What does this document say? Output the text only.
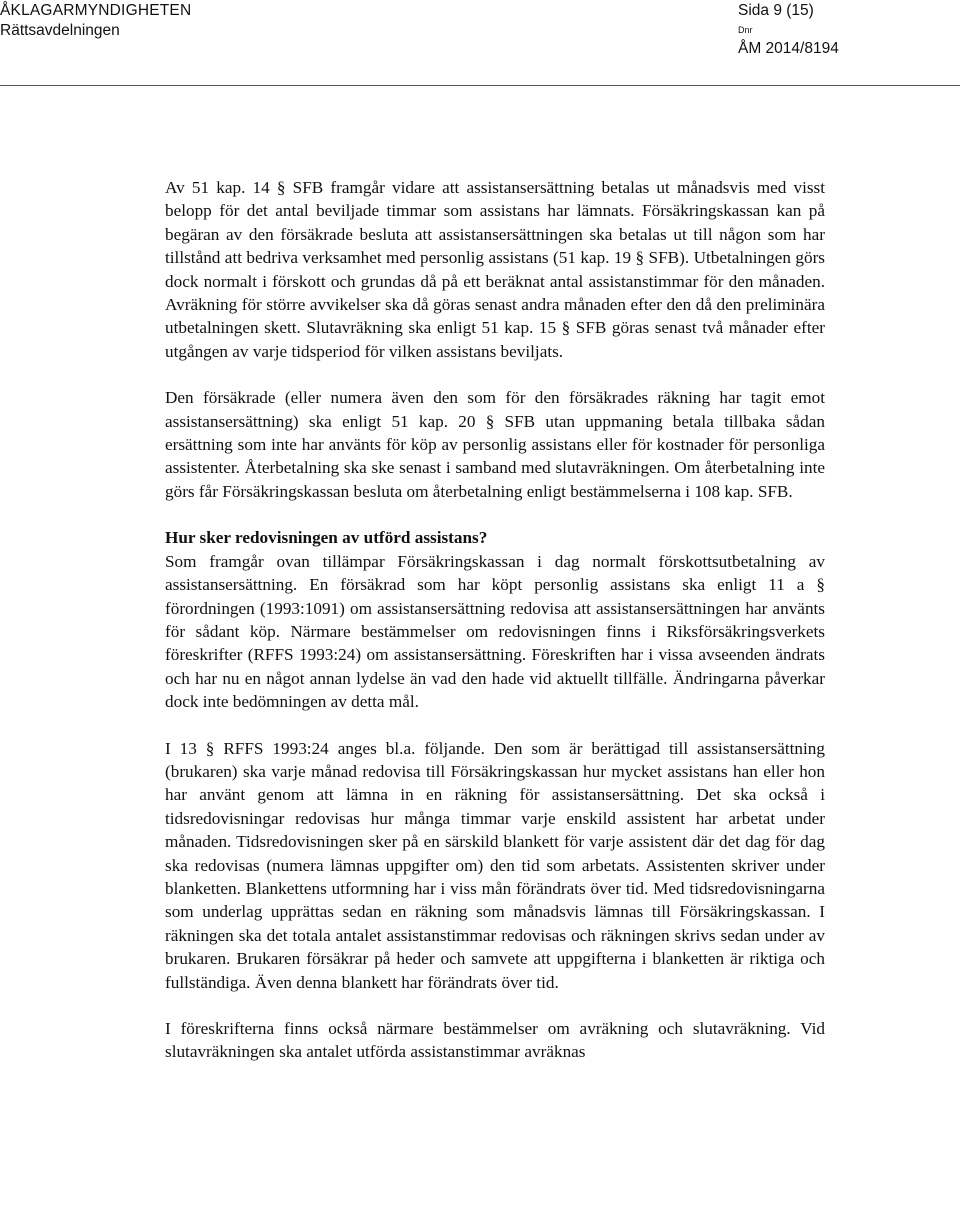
ÅKLAGARMYNDIGHETEN
Rättsavdelningen
Sida 9 (15)
Dnr
ÅM 2014/8194

Av 51 kap. 14 § SFB framgår vidare att assistansersättning betalas ut månadsvis med visst belopp för det antal beviljade timmar som assistans har lämnats. Försäkringskassan kan på begäran av den försäkrade besluta att assistansersättningen ska betalas ut till någon som har tillstånd att bedriva verksamhet med personlig assistans (51 kap. 19 § SFB). Utbetalningen görs dock normalt i förskott och grundas då på ett beräknat antal assistanstimmar för den månaden. Avräkning för större avvikelser ska då göras senast andra månaden efter den då den preliminära utbetalningen skett. Slutavräkning ska enligt 51 kap. 15 § SFB göras senast två månader efter utgången av varje tidsperiod för vilken assistans beviljats.

Den försäkrade (eller numera även den som för den försäkrades räkning har tagit emot assistansersättning) ska enligt 51 kap. 20 § SFB utan uppmaning betala tillbaka sådan ersättning som inte har använts för köp av personlig assistans eller för kostnader för personliga assistenter. Återbetalning ska ske senast i samband med slutavräkningen. Om återbetalning inte görs får Försäkringskassan besluta om återbetalning enligt bestämmelserna i 108 kap. SFB.

Hur sker redovisningen av utförd assistans?

Som framgår ovan tillämpar Försäkringskassan i dag normalt förskottsutbetalning av assistansersättning. En försäkrad som har köpt personlig assistans ska enligt 11 a § förordningen (1993:1091) om assistansersättning redovisa att assistansersättningen har använts för sådant köp. Närmare bestämmelser om redovisningen finns i Riksförsäkringsverkets föreskrifter (RFFS 1993:24) om assistansersättning. Föreskriften har i vissa avseenden ändrats och har nu en något annan lydelse än vad den hade vid aktuellt tillfälle. Ändringarna påverkar dock inte bedömningen av detta mål.

I 13 § RFFS 1993:24 anges bl.a. följande. Den som är berättigad till assistansersättning (brukaren) ska varje månad redovisa till Försäkringskassan hur mycket assistans han eller hon har använt genom att lämna in en räkning för assistansersättning. Det ska också i tidsredovisningar redovisas hur många timmar varje enskild assistent har arbetat under månaden. Tidsredovisningen sker på en särskild blankett för varje assistent där det dag för dag ska redovisas (numera lämnas uppgifter om) den tid som arbetats. Assistenten skriver under blanketten. Blankettens utformning har i viss mån förändrats över tid. Med tidsredovisningarna som underlag upprättas sedan en räkning som månadsvis lämnas till Försäkringskassan. I räkningen ska det totala antalet assistanstimmar redovisas och räkningen skrivs sedan under av brukaren. Brukaren försäkrar på heder och samvete att uppgifterna i blanketten är riktiga och fullständiga. Även denna blankett har förändrats över tid.

I föreskrifterna finns också närmare bestämmelser om avräkning och slutavräkning. Vid slutavräkningen ska antalet utförda assistanstimmar avräknas
